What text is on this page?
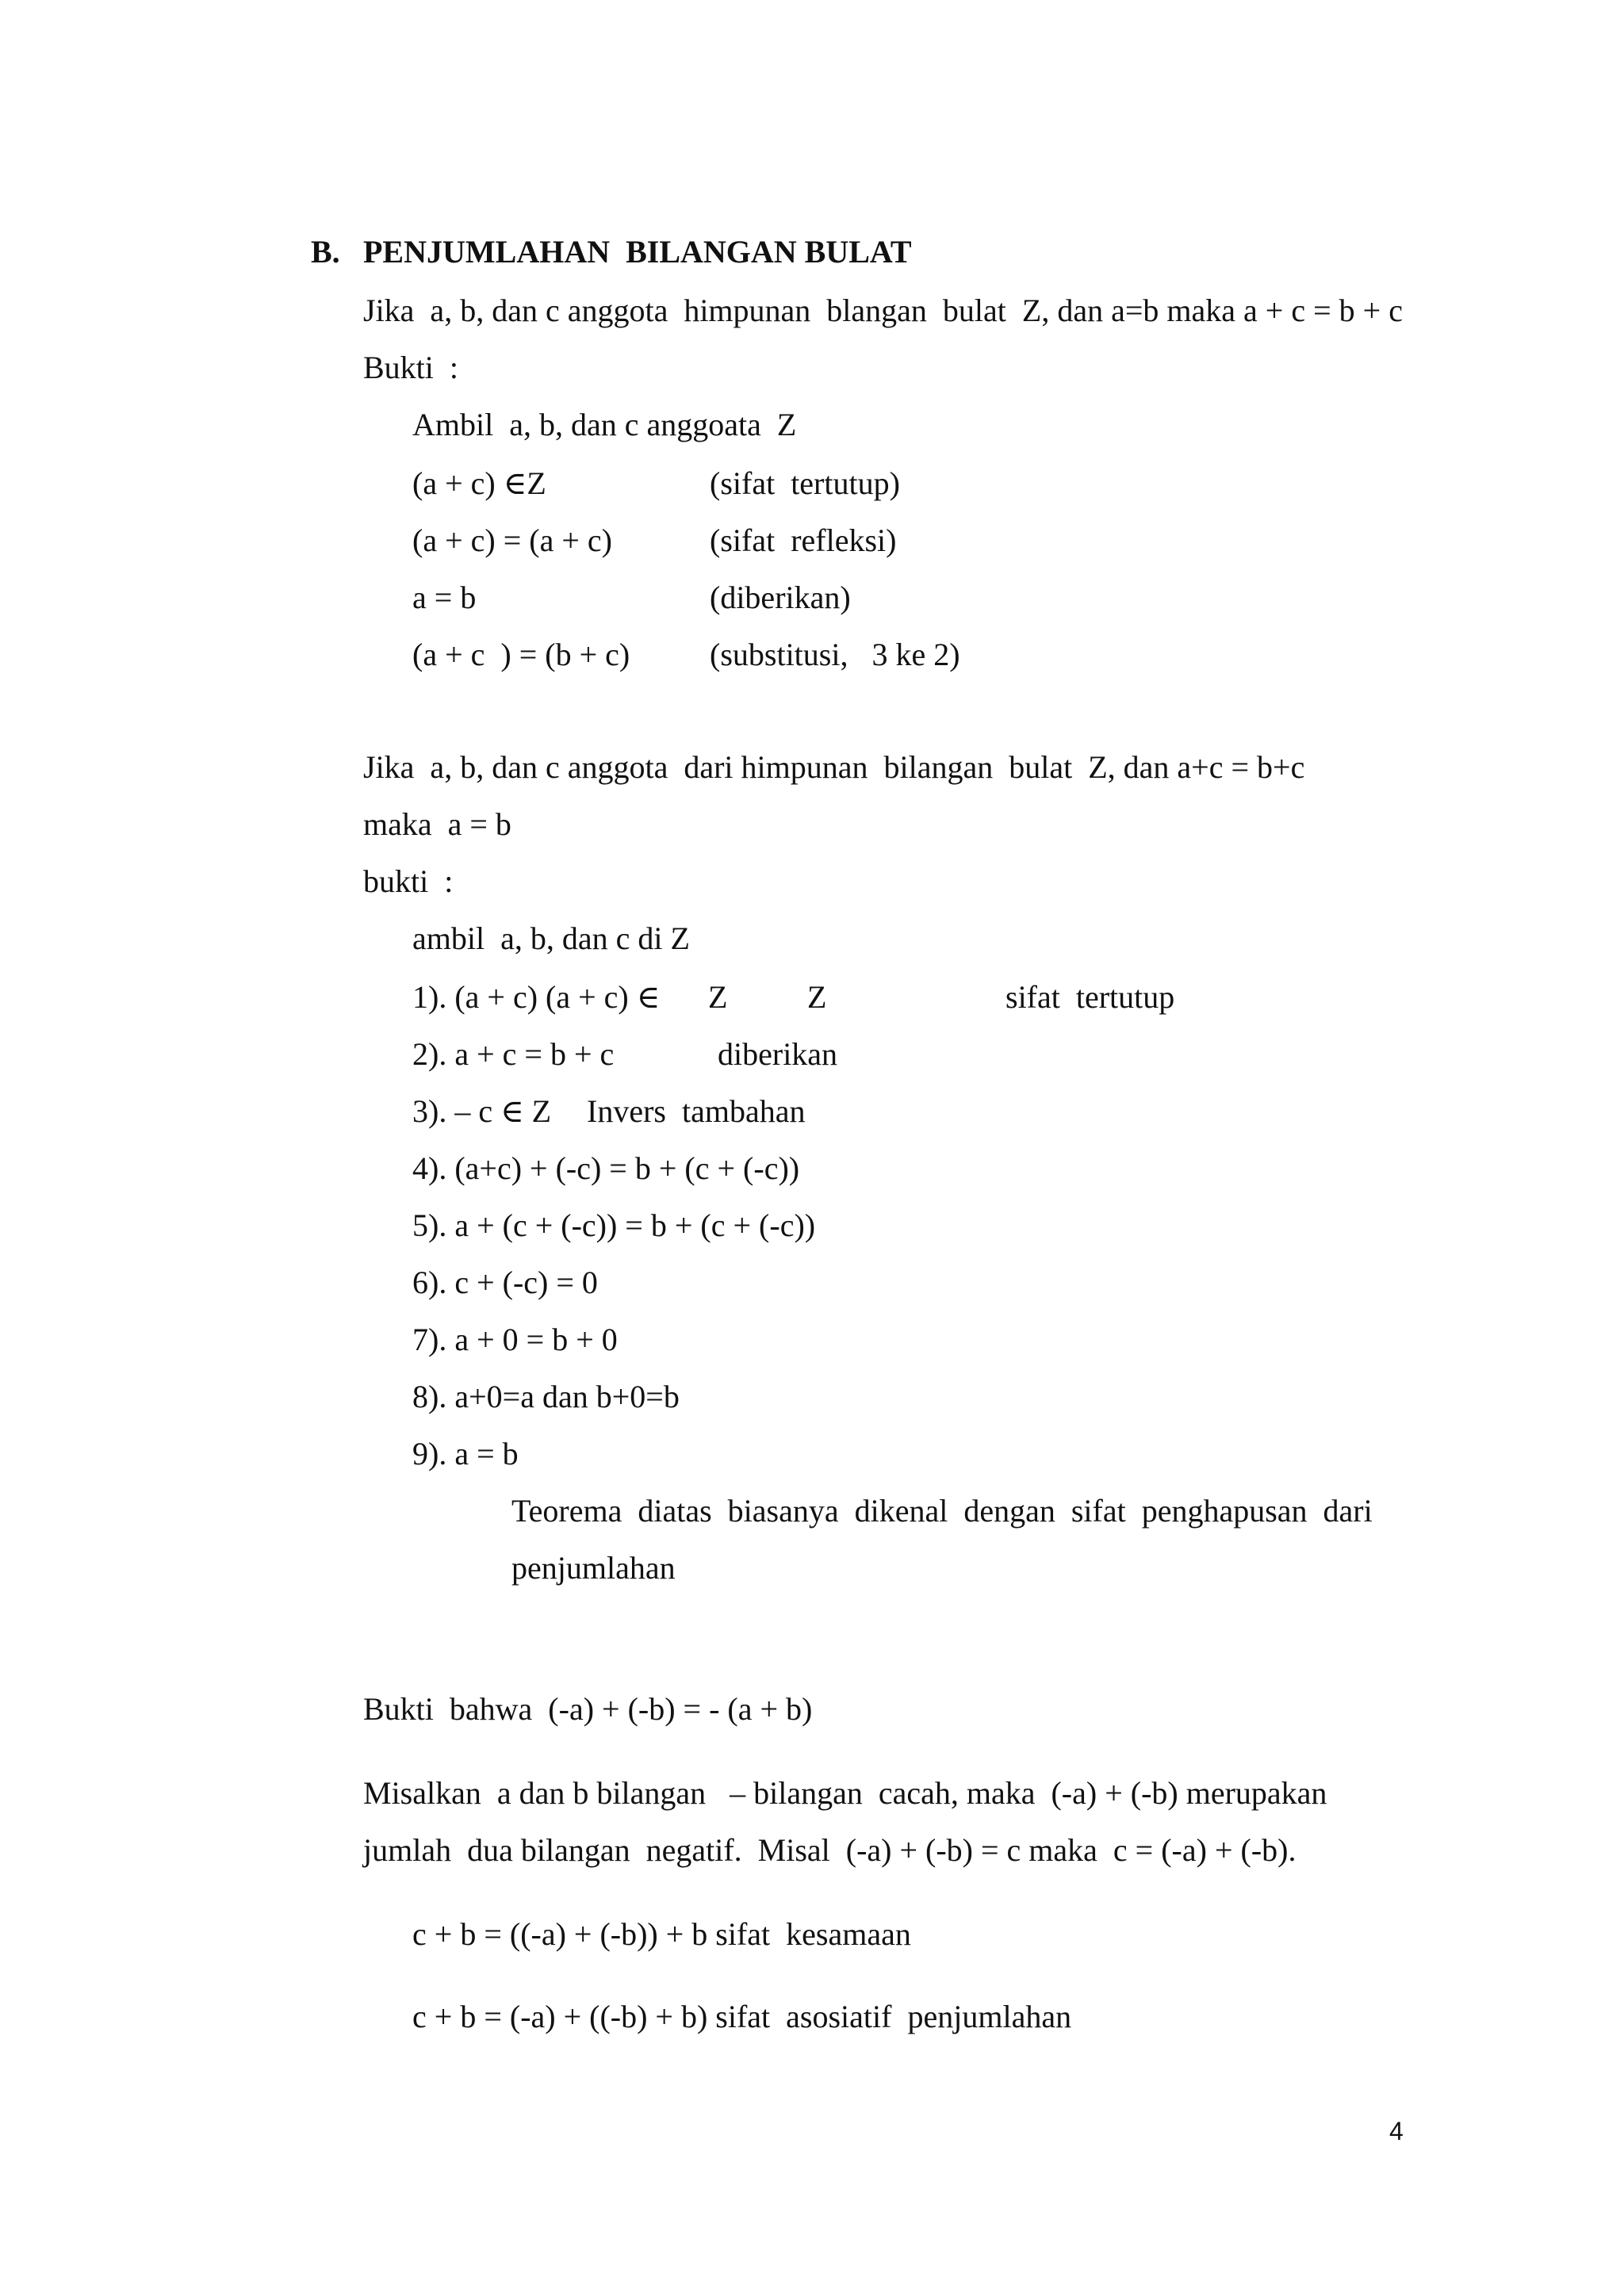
B. PENJUMLAHAN  BILANGAN BULAT
Jika  a, b, dan c anggota  himpunan  blangan  bulat  Z, dan a=b maka a + c = b + c
Bukti  :
Ambil  a, b, dan c anggoata  Z
(a + c) ∈Z	(sifat  tertutup)
(a + c) = (a + c)	(sifat  refleksi)
a = b	(diberikan)
(a + c  ) = (b + c)	(substitusi,   3 ke 2)
Jika  a, b, dan c anggota  dari himpunan  bilangan  bulat  Z, dan a+c = b+c
maka  a = b
bukti  :
ambil  a, b, dan c di Z
1). (a + c) (a + c) ∈ Z	Z	sifat  tertutup
2). a + c = b + c	diberikan
3). – c ∈ Z Invers  tambahan
4). (a+c) + (-c) = b + (c + (-c))
5). a + (c + (-c)) = b + (c + (-c))
6). c + (-c) = 0
7). a + 0 = b + 0
8). a+0=a dan b+0=b
9). a = b
Teorema  diatas  biasanya  dikenal  dengan  sifat  penghapusan  dari
penjumlahan
Bukti  bahwa  (-a) + (-b) = - (a + b)
Misalkan  a dan b bilangan   – bilangan  cacah, maka  (-a) + (-b) merupakan
jumlah  dua bilangan  negatif.  Misal  (-a) + (-b) = c maka  c = (-a) + (-b).
c + b = ((-a) + (-b)) + b sifat  kesamaan
c + b = (-a) + ((-b) + b) sifat  asosiatif  penjumlahan
4
